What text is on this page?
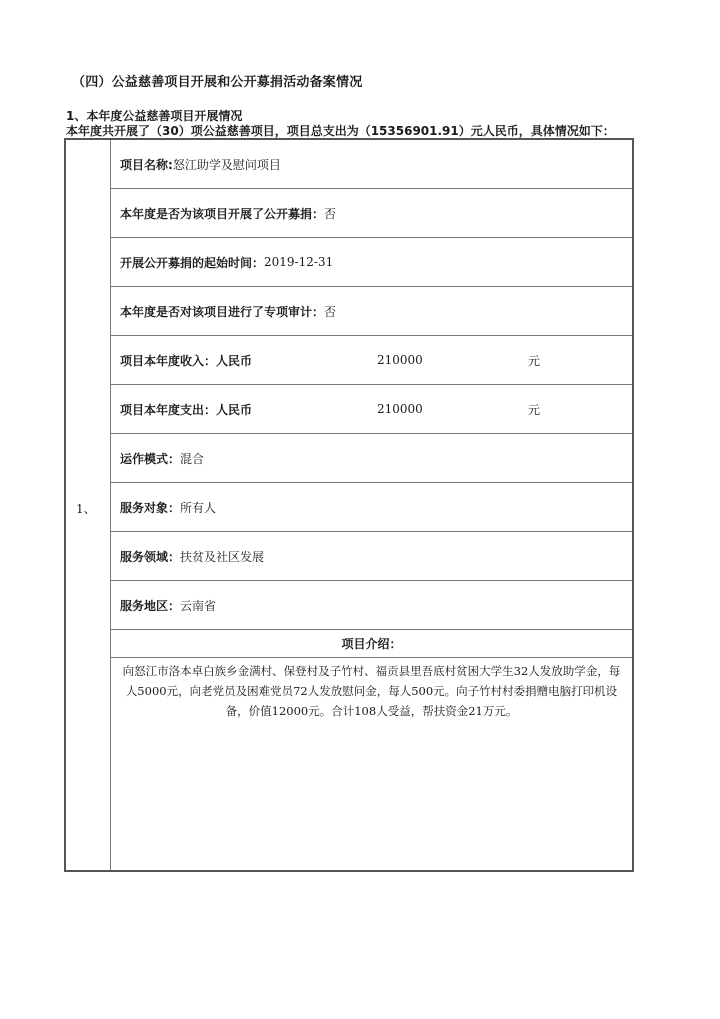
（四）公益慈善项目开展和公开募捐活动备案情况
1、本年度公益慈善项目开展情况
本年度共开展了（30）项公益慈善项目，项目总支出为（15356901.91）元人民币，具体情况如下：
1、
项目名称: 怒江助学及慰问项目
本年度是否为该项目开展了公开募捐： 否
开展公开募捐的起始时间： 2019-12-31
本年度是否对该项目进行了专项审计： 否
项目本年度收入：人民币	210000	元
项目本年度支出：人民币	210000	元
运作模式： 混合
服务对象： 所有人
服务领域： 扶贫及社区发展
服务地区： 云南省
项目介绍：
向怒江市洛本卓白族乡金满村、保登村及子竹村、福贡县里吾底村贫困大学生32人发放助学金，每人5000元，向老党员及困难党员72人发放慰问金，每人500元。向子竹村村委捐赠电脑打印机设备，价值12000元。合计108人受益，帮扶资金21万元。
